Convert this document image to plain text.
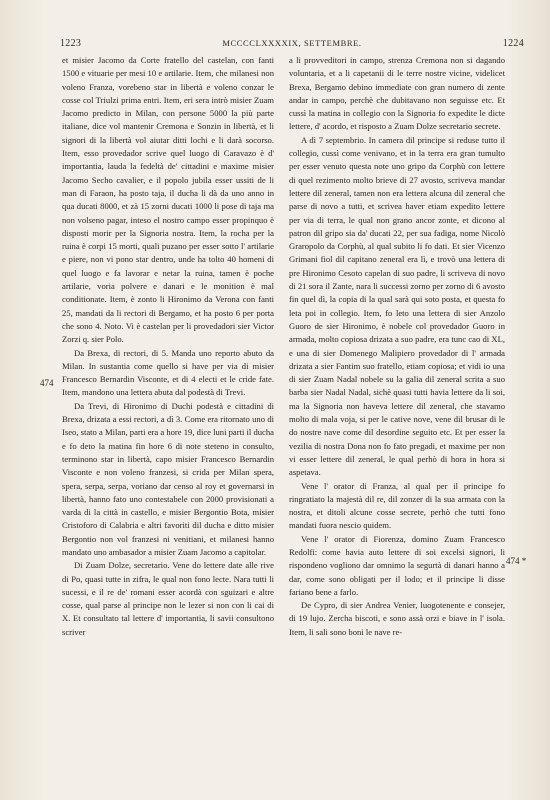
1223	MCCCCLXXXXIX, SETTEMBRE.	1224
474
474 *

et misier Jacomo da Corte fratello del castelan, con fanti 1500 e vituarie per mesi 10 e artilarie. Item, che milanesi non voleno Franza, vorebeno star in libertà e voleno conzar le cosse col Triulzi prima entri. Item, eri sera intrò misier Zuam Jacomo predicto in Milan, con persone 5000 la più parte italiane, dice vol mantenir Cremona e Sonzin in libertà, et li signori di la libertà vol aiutar ditti lochi e li darà socorso. Item, esso provedador scrive quel luogo di Caravazo è d' importantia, lauda la fedeltà de' cittadini e maxime misier Jacomo Secho cavalier, e il popolo jubila esser ussiti de li man di Faraon, ha posto taja, il ducha li dà da uno anno in qua ducati 8000, et zà 15 zorni ducati 1000 li pose di taja ma non volseno pagar, inteso el nostro campo esser propinquo è disposti morir per la Signoria nostra. Item, la rocha per la ruina è corpi 15 morti, quali puzano per esser sotto l' artilarie e piere, non vi pono star dentro, unde ha tolto 40 homeni di quel luogo e fa lavorar e netar la ruina, tamen è poche artilarie, voria polvere e danari e le monition è mal conditionate. Item, è zonto li Hironimo da Verona con fanti 25, mandati da li rectori di Bergamo, et ha posto 6 per porta che sono 4. Noto. Vi è castelan per li provedadori sier Victor Zorzi q. sier Polo.

Da Brexa, di rectori, di 5. Manda uno reporto abuto da Milan. In sustantia come quello si have per via di misier Francesco Bernardin Visconte, et di 4 electi et le cride fate. Item, mandono una lettera abuta dal podestà di Trevi.

Da Trevi, di Hironimo di Duchi podestà e cittadini di Brexa, drizata a essi rectori, a dì 3. Come era ritornato uno di Iseo, stato a Milan, parti era a hore 19, dice luni parti il ducha e fo deto la matina fin hore 6 di note steteno in consulto, terminono star in libertà, capo misier Francesco Bernardin Visconte e non voleno franzesi, si crida per Milan spera, spera, serpa, serpa, voriano dar censo al roy et governarsi in libertà, hanno fato uno contestabele con 2000 provisionati a varda di la città in castello, e misier Bergontio Bota, misier Cristoforo di Calabria e altri favoriti dil ducha e ditto misier Bergontio non vol franzesi ni venitiani, et milanesi hanno mandato uno ambasador a misier Zuam Jacomo a capitolar.

Di Zuam Dolze, secretario. Vene do lettere date alle rive di Po, quasi tutte in zifra, le qual non fono lecte. Nara tutti li sucessi, e il re de' romani esser acordà con sguizari e altre cosse, qual parse al principe non le lezer si non con li cai di X. Et consultato tal lettere d' importantia, li savii consultono scriver

a li provveditori in campo, strenza Cremona non si dagando voluntaria, et a li capetanii di le terre nostre vicine, videlicet Brexa, Bergamo debino immediate con gran numero di zente andar in campo, perchè che dubitavano non seguisse etc. Et cussì la matina in collegio con la Signoria fo expedite le dicte lettere, d' acordo, et risposto a Zuam Dolze secretario secrete.

A dì 7 septembrio. In camera dil principe si reduse tutto il collegio, cussì come venivano, et in la terra era gran tumulto per esser venuto questa note uno gripo da Corphù con lettere di quel rezimento molto brieve di 27 avosto, scriveva mandar lettere dil zeneral, tamen non era lettera alcuna dil zeneral che parse di novo a tutti, et scrivea haver etiam expedito lettere per via di terra, le qual non grano ancor zonte, et dicono al patron dil gripo sia da' ducati 22, per sua fadiga, nome Nicolò Graropolo da Corphù, al qual subito li fo dati. Et sier Vicenzo Grimani fiol dil capitano zeneral era lì, e trovò una lettera di pre Hironimo Cesoto capelan di suo padre, li scriveva di novo di 21 sora il Zante, nara li successi zorno per zorno di 6 avosto fin quel dì, la copia di la qual sarà qui soto posta, et questa fo leta poi in collegio. Item, fo leto una lettera di sier Anzolo Guoro de sier Hironimo, è nobele col provedador Guoro in armada, molto copiosa drizata a suo padre, era tunc cao di XL, e una di sier Domenego Malipiero provedador di l' armada drizata a sier Fantim suo fratello, etiam copiosa; et vidi io una di sier Zuam Nadal nobele su la galia dil zeneral scrita a suo barba sier Nadal Nadal, sichè quasi tutti havia lettere da li soi, ma la Signoria non haveva lettere dil zeneral, che stavamo molto di mala voja, si per le cative nove, vene dil brusar di le do nostre nave come dil desordine seguito etc. Et per esser la vezilia di nostra Dona non fo fato pregadi, et maxime per non vi esser lettere dil zeneral, le qual perhò di hora in hora si aspetava.

Vene l' orator di Franza, al qual per il principe fo ringratiato la majestà dil re, dil zonzer di la sua armata con la nostra, et ditoli alcune cosse secrete, perhò che tutti fono mandati fuora nescio quidem.

Vene l' orator di Fiorenza, domino Zuam Francesco Redolfi: come havia auto lettere di soi excelsi signori, li rispondeno vogliono dar omnimo la segurtà di danari hanno a dar, come sono obligati per il lodo; et il principe li disse fariano bene a farlo.

De Cypro, di sier Andrea Venier, luogotenente e consejer, di 19 lujo. Zercha biscoti, e sono assà orzi e biave in l' isola. Item, li sali sono boni le nave re-
